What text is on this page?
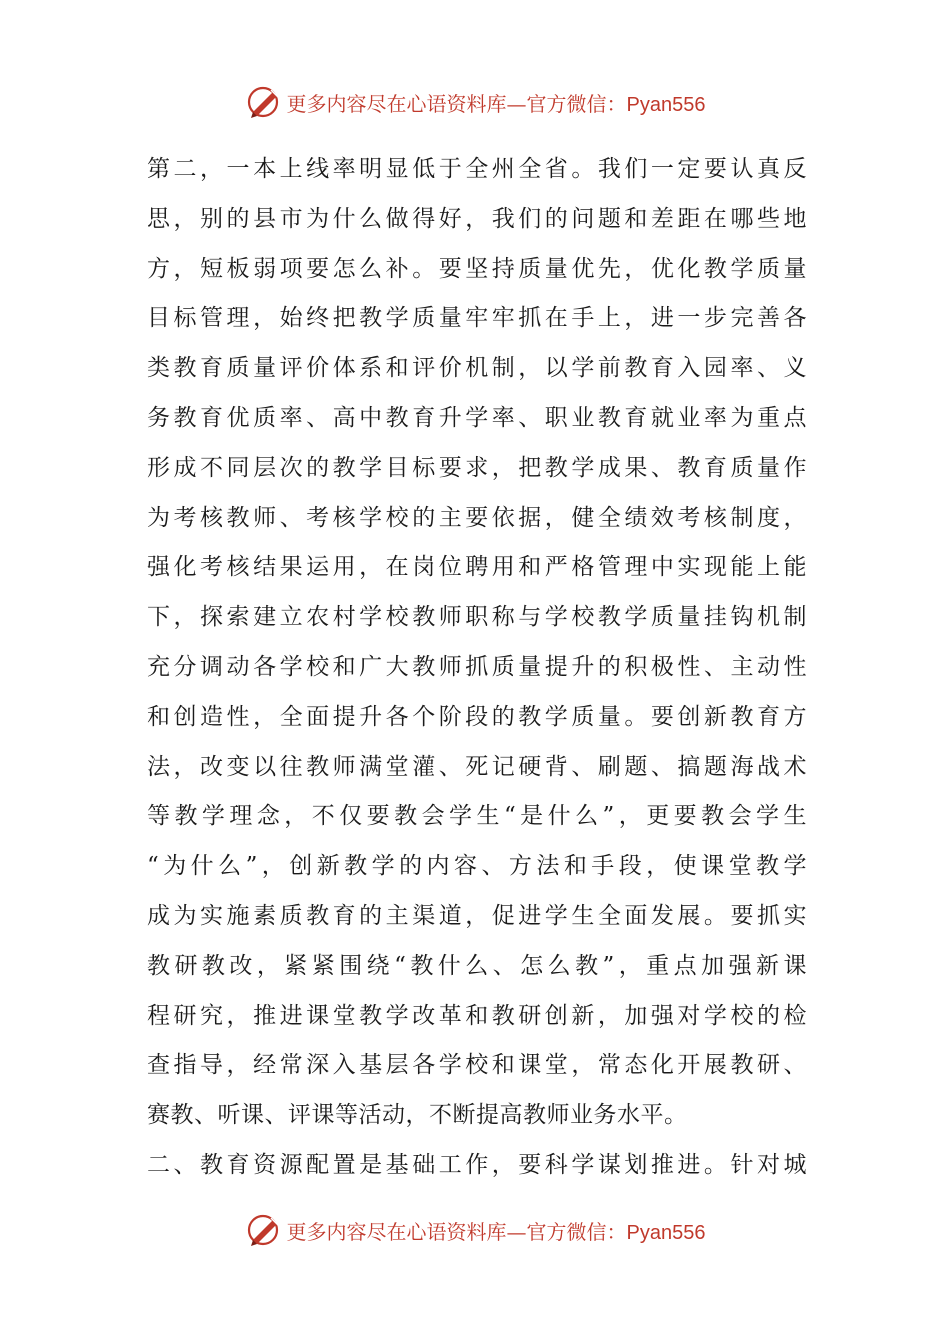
更多内容尽在心语资料库—官方微信：Pyan556
第二，一本上线率明显低于全州全省。我们一定要认真反
思，别的县市为什么做得好，我们的问题和差距在哪些地
方，短板弱项要怎么补。要坚持质量优先，优化教学质量
目标管理，始终把教学质量牢牢抓在手上，进一步完善各
类教育质量评价体系和评价机制，以学前教育入园率、义
务教育优质率、高中教育升学率、职业教育就业率为重点
形成不同层次的教学目标要求，把教学成果、教育质量作
为考核教师、考核学校的主要依据，健全绩效考核制度，
强化考核结果运用，在岗位聘用和严格管理中实现能上能
下，探索建立农村学校教师职称与学校教学质量挂钩机制
充分调动各学校和广大教师抓质量提升的积极性、主动性
和创造性，全面提升各个阶段的教学质量。要创新教育方
法，改变以往教师满堂灌、死记硬背、刷题、搞题海战术
等教学理念，不仅要教会学生“是什么”，更要教会学生
“为什么”，创新教学的内容、方法和手段，使课堂教学
成为实施素质教育的主渠道，促进学生全面发展。要抓实
教研教改，紧紧围绕“教什么、怎么教”，重点加强新课
程研究，推进课堂教学改革和教研创新，加强对学校的检
查指导，经常深入基层各学校和课堂，常态化开展教研、
赛教、听课、评课等活动，不断提高教师业务水平。
二、教育资源配置是基础工作，要科学谋划推进。针对城
更多内容尽在心语资料库—官方微信：Pyan556
